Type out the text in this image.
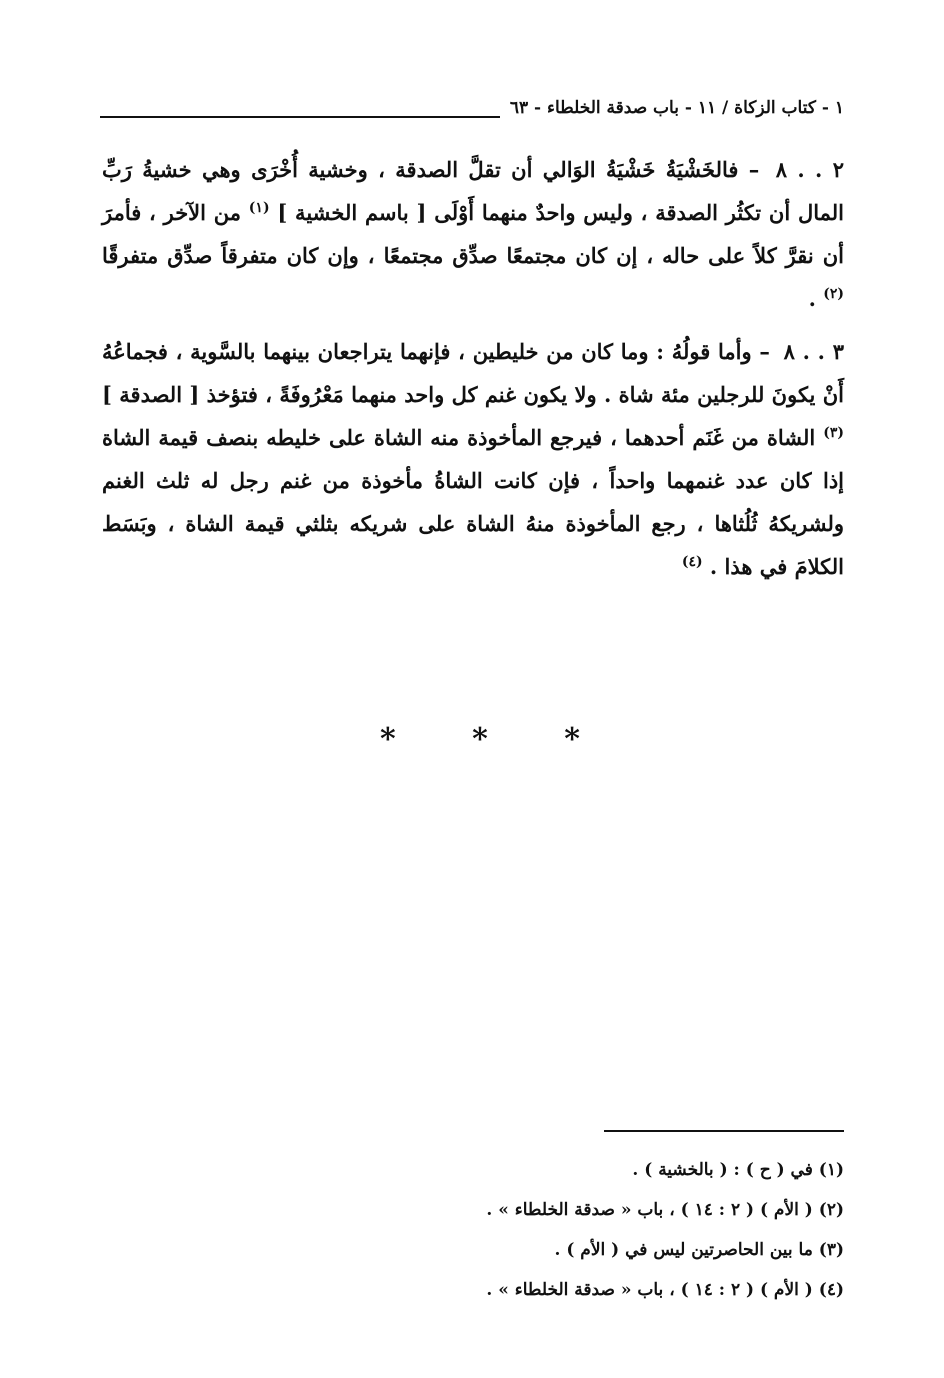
١ - كتاب الزكاة / ١١ - باب صدقة الخلطاء - ٦٣

٢ . . ٨ – فالخَشْيَةُ خَشْيَةُ الوَالي أن تقلَّ الصدقة ، وخشية أُخْرَى وهي خشيةُ رَبِّ المال أن تكثُر الصدقة ، وليس واحدٌ منهما أَوْلَى [ باسم الخشية ] $^{(١)}$ من الآخر ، فأمرَ أن نقرَّ كلاً على حاله ، إن كان مجتمعًا صدِّق مجتمعًا ، وإن كان متفرقاً صدِّق متفرقًا $^{(٢)}$ .

٣ . . ٨ – وأما قولُهُ : وما كان من خليطين ، فإنهما يتراجعان بينهما بالسَّوية ، فجماعُهُ أَنْ يكونَ للرجلين مئة شاة . ولا يكون غنم كل واحد منهما مَعْرُوفَةً ، فتؤخذ [ الصدقة ] $^{(٣)}$ الشاة من غَنَم أحدهما ، فيرجع المأخوذة منه الشاة على خليطه بنصف قيمة الشاة إذا كان عدد غنمهما واحداً ، فإن كانت الشاةُ مأخوذة من غنم رجل له ثلث الغنم ولشريكهُ ثُلُثاها ، رجع المأخوذة منهُ الشاة على شريكه بثلثي قيمة الشاة ، وبَسَط الكلامَ في هذا . $^{(٤)}$

*
*
*
(١) في ( ح ) : ( بالخشية ) .
(٢) ( الأم ) ( ٢ : ١٤ ) ، باب « صدقة الخلطاء » .
(٣) ما بين الحاصرتين ليس في ( الأم ) .
(٤) ( الأم ) ( ٢ : ١٤ ) ، باب « صدقة الخلطاء » .
